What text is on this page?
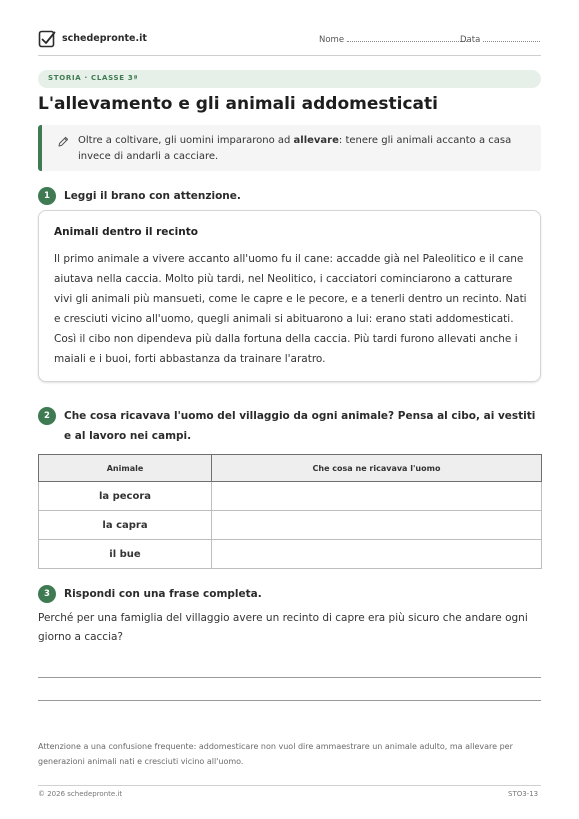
schedepronte.it	Nome	Data
STORIA · CLASSE 3ª
L'allevamento e gli animali addomesticati
Oltre a coltivare, gli uomini impararono ad allevare: tenere gli animali accanto a casa invece di andarli a cacciare.
1	Leggi il brano con attenzione.
Animali dentro il recinto
Il primo animale a vivere accanto all'uomo fu il cane: accadde già nel Paleolitico e il cane aiutava nella caccia. Molto più tardi, nel Neolitico, i cacciatori cominciarono a catturare vivi gli animali più mansueti, come le capre e le pecore, e a tenerli dentro un recinto. Nati e cresciuti vicino all'uomo, quegli animali si abituarono a lui: erano stati addomesticati. Così il cibo non dipendeva più dalla fortuna della caccia. Più tardi furono allevati anche i maiali e i buoi, forti abbastanza da trainare l'aratro.
2	Che cosa ricavava l'uomo del villaggio da ogni animale? Pensa al cibo, ai vestiti e al lavoro nei campi.
Animale	Che cosa ne ricavava l'uomo
la pecora	
la capra	
il bue	
3	Rispondi con una frase completa.
Perché per una famiglia del villaggio avere un recinto di capre era più sicuro che andare ogni giorno a caccia?
Attenzione a una confusione frequente: addomesticare non vuol dire ammaestrare un animale adulto, ma allevare per generazioni animali nati e cresciuti vicino all'uomo.
© 2026 schedepronte.it	STO3-13
